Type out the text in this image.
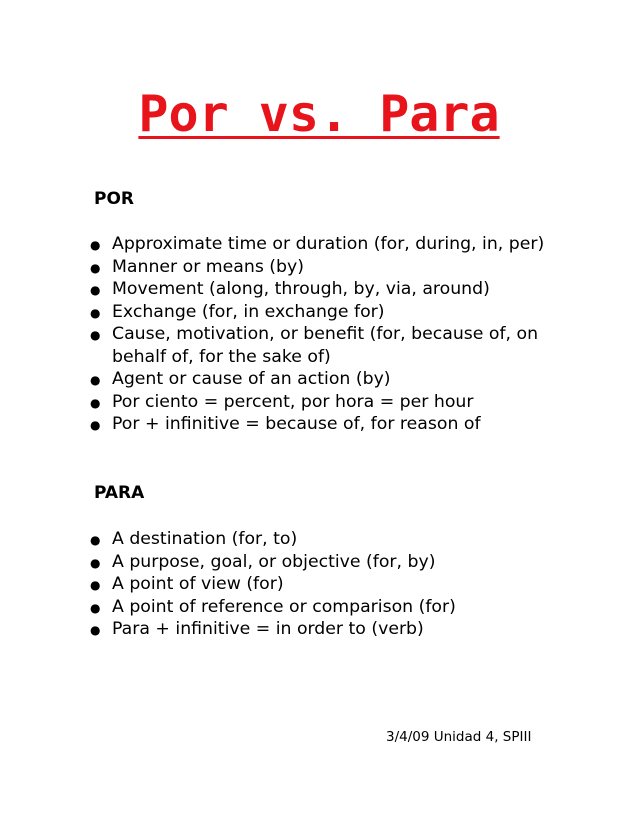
Por vs. Para
POR
● Approximate time or duration (for, during, in, per)
● Manner or means (by)
● Movement (along, through, by, via, around)
● Exchange (for, in exchange for)
● Cause, motivation, or benefit (for, because of, on behalf of, for the sake of)
● Agent or cause of an action (by)
● Por ciento = percent, por hora = per hour
● Por + infinitive = because of, for reason of
PARA
● A destination (for, to)
● A purpose, goal, or objective (for, by)
● A point of view (for)
● A point of reference or comparison (for)
● Para + infinitive = in order to (verb)

3/4/09 Unidad 4, SPIII
